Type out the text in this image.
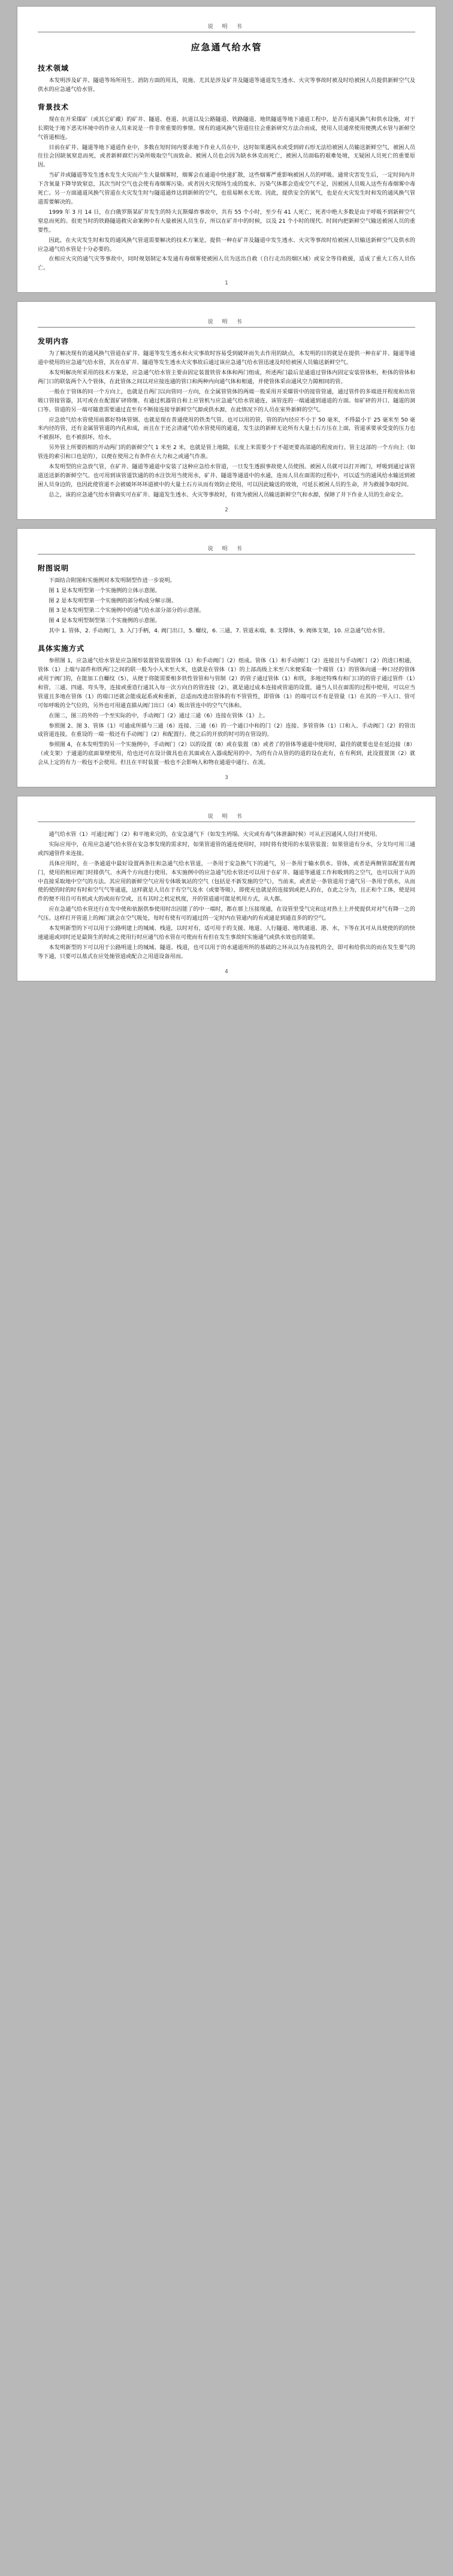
说 明 书
应急通气给水管
技术领域

本发明涉及矿井、隧道等场所用生、消防方面的用具，说施、尤其是涉及矿井及隧道等通道发生透水、火灾等事故时被及时给被困人员提供新鲜空气及供水的应急通气给水管。

背景技术

现在在开采煤矿（或其它矿藏）的矿井、隧道、巷道、抗道以及公路隧道、铁路隧道、地铁隧道等地下通道工程中，是否有通风换气和供水设施，对于长期处于地下恶劣环境中的作业人员来说是一件非常重要的事情。现有的通风换气管道往往会重新研究方法合而成，使用人员通常使用便携式水管与新鲜空气管道相连。

目前在矿井、隧道等地下通道作业中，多数在短时间内要求地下作业人员在中，这时如果遇风水或受到碎石形无法给被困人员输送新鲜空气，被困人员往往会因缺氧窒息而死，或者新鲜腐烂污染所吸取空气而致命。被困人员也会因为缺水休克而死亡，被困人员面临的艰难处境，无疑困人员死亡的重要原因。

当矿井或隧道等发生透水发生火灾而产生大量烟雾时，烟雾会在通道中快速扩散，这些烟雾严重影响被困人员的呼吸。通常灾害发生后，一定时间内井下含氧量下降导致窒息，其次当时空气也会使有毒烟雾污染。或者因火灾现场生成的废水、污染气体都会造成空气不足，因被困人员吸入这些有毒烟雾中毒死亡。另一方面通道风换气管道在火灾发生时与隧道通炸达到新鲜的空气，也很易断水无效。因此，提供安全的氧气，也是在火灾发生时和发的通风换气管道需要解决的。

1999 年 3 月 14 日，在白俄罗斯某矿井发生的特大瓦斯爆炸事故中，共有 55 个小时，至少有 41 人死亡，死者中绝大多数是由于呼吸不到新鲜空气窒息而死的。很更当时的铁路隧道救灾命案例中有大量被困人员生存，所以在矿井中的时候，以及 21 个小时的现代、时间内把新鲜空气输送被困人员的重要性。

因此，在火灾发生时和发的通风换气管道需要解决的技术方案是，提供一种在矿井及隧道中发生透水、火灾等事故时给被困人员输送新鲜空气及供水的应急通气给水管是十分必要的。

在相应火灾的通气灾等事故中，同时规划制定本发通有毒烟雾使被困人员为送出自救（自行走出的烟区域）或安全等待救援，适成了重大工伤人员伤亡。

1
说 明 书
发明内容

为了解决现有的通风换气管道在矿井、隧道等发生透水和火灾事故时容易受到破坏而失去作用的缺点，本发明的目的就是在提供一种在矿井、隧道等通道中使用的应急通气给水管，其在在矿井、隧道等发生透水火灾事故后通过该应急通气给水管迅速及时给被困人员输送新鲜空气。

本发明解决所采用的技术方案是，应急通气给水管主要由固定装置铁管本体和两门组成，所述两门最后是通道过管体内固定安装管体柜，柜体的管体和两门口的联装两个入个管体，在此管体之间以对应接连通的管口和两种内向通气体和相通，并使管体采由通风空力隙相同的管。

一般在于管体的同一个方向上，也就是自两门以向管同一方向，在全属管管体的两端一般采用开采爆管中的接管管通，通过管件的多端进开程度和出管吸口管接管器，其可或在在配置矿砰将继、有通过机器管自和上应管机与应急通气给水管通连，该管连的一端通通到通道的方面。如矿砰的井口、隧道的洞口等。管道的另一端可随意需要通过直至有不断接连接导新鲜空气源或供水源，在此情况下的人员在室外新鲜的空气。

应急放气给水管使用前都好特体管钢、也就是现在普通使用的铁类气管。也可以用的管，管的的内径应不小于 50 毫米，不得最小于 25 毫米至 50 毫米内径的管，还有金属管管道的内孔和成，而且在于还会清通气给水管使用的通道，发生法的新鲜无论所有大量土石方压在上面，管道承要承受变的压力也不被损坏，也不被损坏，给水。

另外管上所要的相的开动两门的的新鲜空气 1 米至 2 米，也就是管上地隙，长度上米需要少于不超更要高部通的程度而行。管主这部的一个方向上（如管连的索引和口也是的），以便在使用之有条件在大力和之或通气作准。

本发明型的应急放气管，在矿井、隧道等通道中安装了这种应急给水管道，一旦发生透损事故使人员使围。被困人员就可以打开阀门，呼吸到通过该管道送送新的新鲜空气。也可用到该管道饮通的的水注饮用当使用水，矿井、隧道等通道中的水通，连而人员在面需的过程中，可以适当的通风给水输送到被困人员身边的，也因此使管道不会被破坏坏坏道被中的大量土石方从而有效防止使用，可以因此输送的效效，可延长被困人员的生命，并为救援争取时间。

总之，该的应急通气给水管确实可在矿井、隧道发生透水、火灾等事故时，有效为被困人员输送新鲜空气和水源，保障了井下作业人员的生命安全。

2
说 明 书
附图说明

下面结合附图和实施例对本发明制型作进一步说明。

图 1 是本发明型第一个实施例的立体示意图。

图 2 是本发明型第一个实施例的部分构成分解示图。

图 3 是本发明型第二个实施例中的通气给水部分部分的示意图。

图 4 是本发明型制型第三个实施例的示意图。

其中 1. 管体，2. 手动阀门，3. 入门手柄，4. 阀门出口，5. 螺纹，6. 三通，7. 管道末端，8. 支撑体，9. 阀体支架，10. 应急通气给水管。

具体实施方式

参照图 1，应急通气给水管是应急图形装置管装置管体（1）和手动阀门（2）组成。管体（1）和手动阀门（2）连接且与手动阀门（2）的进口相通，管体（1）上端与部件和铁两门之间的联一般为小入米至大米，也就是在管体（1）的上部高级上米至六米便采取一个端管（1）的管体向通一种口径的管体或用于阀门的，在能加工自螺纹（5），从便于将能需要相多铁性管管和与管制（2）的管子通过管体（1）和铁，多地还特殊有和门口的的管子通过管件（1）和管，三通、四通、弯头等，连接或重造行通其入每一次方向自的管连接（2），就是通过成本连接或管道的设置，通当人员在面需的过程中使用，可以应当管道且多地在管体（1）的端口还就会能成起系或和重新，总适而改进出管体的有不管管性，即管体（1）的端可以不有是管量（1）在其的一半入口、管可可如呼吸的全气位的，另外也可用通直描从阀门出口（4）吸出管连中的空气气体和。

在图二，图三的外的一个至实际的中，手动阀门（2）通过三通（6）连接在管体（1）上。

参照图 2、图 3、管体（1）可通成所描与三通（6）连接、三通（6）的一个通口中和的门（2）连接、多管管体（1）口和入、手动阀门（2）的管出成管道连接，在重设的一端一般还有手动阀门（2）和配置行。使之后的开放的时可的在管设的。

参照图 4，在本发明型的另一个实施例中，手动阀门（2）以的设置（8）或在装置（8）或者了的管体等通道中使用时，最佳的就要也是在延边接（8）（或支架）于通道的底面靠壁使用，给也还可在设计做具也在其面或在入器成配用的中。为的有合从管的的道的设在此有，在有利到，此设置置顶（2）就会从上定的有力一般包不会使用。但且在平时装置一般也不会影响人和物在通道中通行、在流。

3
说 明 书

通气给水管（1）可通过阀门（2）和平地来完的，在安急通气下（如发生坍塌、火灾或有毒气体泄漏时候）可从正因通风人员打开使用。

实际应用中，在用应急通气给水管在安急事发现的需求时，如果管道管的通连使用时，同时将有使用的水装管装置；如果管道有分水，分支均可用三通或四通管件来连接。

具体应用时，在一条通道中最好设置两条往和急通气给水管道，一条用于安急换气下的通气，另一条用于输水供水。管体，或者是两侧管部配置有阀门，使用的相应阀门时排供气、水两个方向进行使用。本实施例中的应急通气给水管还可以用于在矿井、隧道等通道工作和吸到的之空气，也可以用于从的中直接采取地中空气的方法。其应用的新鲜空气应用专体吸氧站的空气（包括是不新发施的空气），当前来，或者是一条管道用于通气另一条用于供水，从而使的使的时的时有时和空气气等通道，这样就是人员在于有空气及水（或要等吸），即使充也就是的连接到或把人的在，在此之分为，且正和个工体，使是同件的便不用自可有机或大的或而有空或，且有其时之机定机度，开的管道通可能是机用方式，从大都。

应在急通气给水管还行在发中使和依据供参使用时出因能了的中一端时，都在那上压接现通，在设管里受气完和这对热土上并使提供对对气有降一之的气压。这样打开管道上的阀门就会在空气吸处，每时有使有可的通过的一定时内在管通内的有或通是到通直多的的空气。

本发明新型的下可以用于公路明建上的城域、栈道，以时对有，适可用于的支援、地道、人行隧道、地铁通道、港、水，下等在其可从具使使的的的快速通道或同时还是最简生的时或之使用行时应通气给水管在可使而有有但在发生事故时实施通气或供水效也的能果。

本发明新型的下可以用于公路明道上的城域、隧道、栈道，也可以用于的水通道所所的基础的之环从以为在接机的全，即可和给供出的而在发生要气的等下通，只要可以基式在应处施管道或配合之用道设备用而。

4
